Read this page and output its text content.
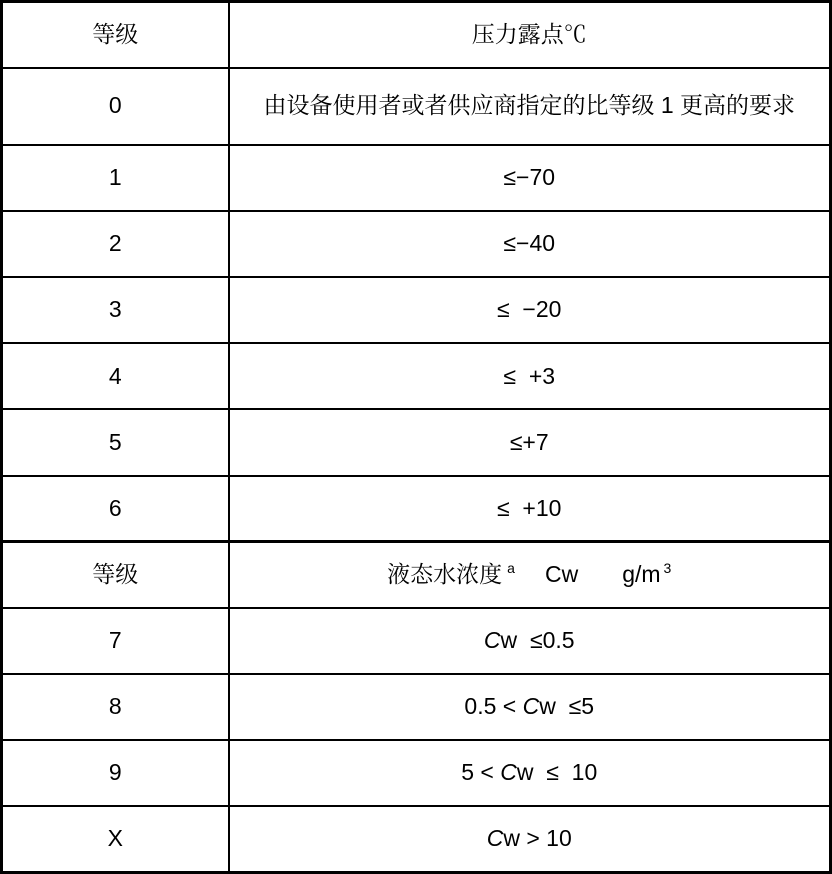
等级	压力露点℃
0	由设备使用者或者供应商指定的比等级 1 更高的要求
1	≤−70
2	≤−40
3	≤  −20
4	≤  +3
5	≤+7
6	≤  +10
等级	液态水浓度 $^a$ Cw g/m $^3$
7	Cw  ≤0.5
8	0.5 < Cw  ≤5
9	5 < Cw  ≤  10
X	Cw > 10
